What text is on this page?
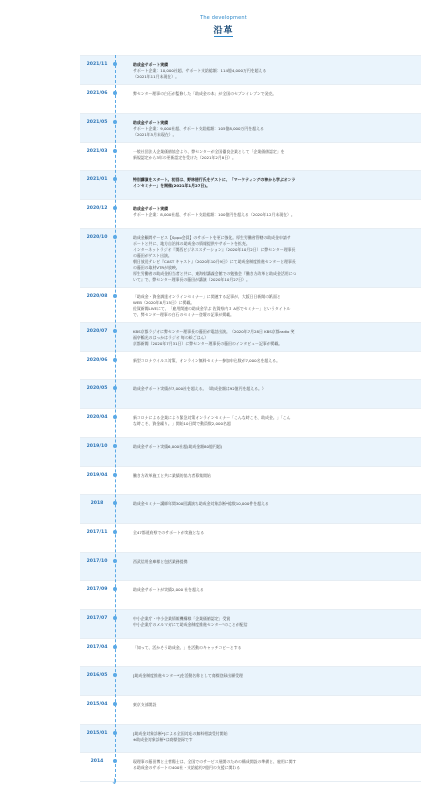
The development
沿革
2021/11	助成金サポート実績
サポート企業：10,000社超、サポート支給総額：114億4,000万円を超える
（2021年11月末現在）。
2021/06	弊センター理事の白石が監修した「助成金の本」が全国のセブンイレブンで発売。
2021/05	助成金サポート実績
サポート企業：9,000社超、サポート支給総額：105億8,000万円を超える
（2021年5月末現在）。
2021/03	一般社団法人企業価値協会より、弊センターが全国優良企業として「企業価値認定」を
新規認定から3年の更新認定を受けた（2021年2月8日）。
2021/01	特別講演をスタート。初回は、野林徳行氏をゲストに、「マーケティングの神から学ぶオンラ
インセミナー」を開催(2021年1月27日)。
2020/12	助成金サポート実績
サポート企業：8,000社超、サポート支給総額：100億円を超える（2020年12月末現在）。
2020/10	助成金顧問サービス【Sppo会員】のサポートを更に強化。厚生労働省管轄の助成金申請サ
ポートと共に、地方自治体の助成金の情報提供やサポートを拡充。
インターネットラジオ『関西ビジネスステーション』（2020年10月2日）に弊センター理事長
の藤田がゲスト出演。
朝日放送テレビ『CAST キャスト』（2020年10月9日）にて助成金制度推進センターと理事長
の藤田の取材VTRが放映。
厚生労働省の助成金担当者と共に、東海射講義会館での勉強会『働き方改革と助成金活用につ
いて』で、弊センター理事長の藤田が講演（2020年10月27日）。
2020/08	「助成金・資金調達オンラインセミナー」に関連する記事が、大阪日日新聞の紙面と
WEB（2020年8月15日）に掲載。
佐賀新聞LIVEにて、「雇用関連の助成金学ぶ 佐賀県内３ A杉でセミナー」というタイトル
で、弊センター理事の白石のセミナー登壇の記事が掲載。
2020/07	KBS京都ラジオに弊センター理事長の藤田が電話出演。（2020年7月28日 KBS京都radio 笑
福亭鶴光のはっかはラジオ 毎の絵ごはん）
京都新聞（2020年7月31日）に弊センター理事長の藤田のインタビュー記事が掲載。
2020/06	新型コロナウイルス対策、オンライン無料セミナー参加申込数が7,000名を超える。
2020/05	助成金サポート実績が7,000社を超える。（助成金額は92億円を超える。）
2020/04	新コロナによる企業により緊急対策オンラインセミナー「こんな時こそ、助成金。」「こん
な時こそ、資金繰り。」開始10日間で動員数2,000名超
2019/10	助成金サポート実績6,000社超(助成金額80億円超)
2019/04	働き方改革施工と共に業績的協力者募集開始
2018	助成金セミナー講師年間300回講演ち助成金対象診断*総数10,000件を超える
2017/11	全47都道府県でのサポートが実施となる
2017/10	西武信用金庫様と包括業務提携
2017/09	助成金サポートが実績2,000 社を超える
2017/07	中小企業庁・中小企業情報機構様「企業価値認定」受賞
中小企業庁のメルマガにて助成金制度推進センター"のことが配信
2017/04	「知って、活かそう助成金。」を活動のキャッチコピーとする
2016/05	[助成金制度推進センター*]を活動名称として商標登録出願受理
2015/04	東京支部開設
2015/01	[助成金対象診断*]による全国対応の無料相談受付開始
※助成金対象診断*は商標登録です
2014	現理事の藤田博と土菅陽士は、全国でのサービス展開のための構成開設の準備と、雇用に関す
る助成金のサポートの400社・支給総約7億円の支援に関わる
↓
